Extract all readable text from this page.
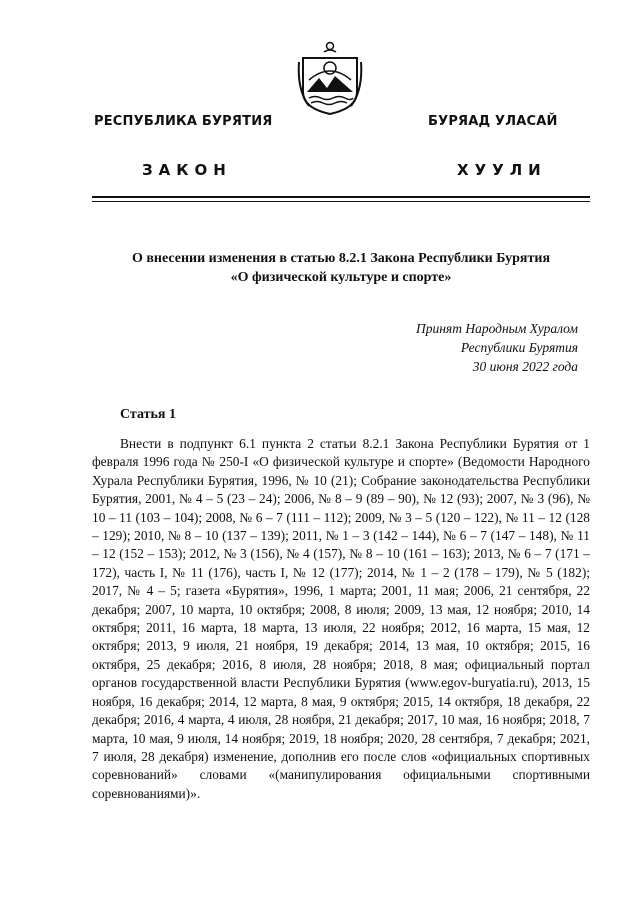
РЕСПУБЛИКА БУРЯТИЯ	БУРЯАД УЛАСАЙ
ЗАКОН	ХУУЛИ
О внесении изменения в статью 8.2.1 Закона Республики Бурятия
«О физической культуре и спорте»
Принят Народным Хуралом
Республики Бурятия
30 июня 2022 года
Статья 1

Внести в подпункт 6.1 пункта 2 статьи 8.2.1 Закона Республики Бурятия от 1 февраля 1996 года № 250-I «О физической культуре и спорте» (Ведомости Народного Хурала Республики Бурятия, 1996, № 10 (21); Собрание законодательства Республики Бурятия, 2001, № 4 – 5 (23 – 24); 2006, № 8 – 9 (89 – 90), № 12 (93); 2007, № 3 (96), № 10 – 11 (103 – 104); 2008, № 6 – 7 (111 – 112); 2009, № 3 – 5 (120 – 122), № 11 – 12 (128 – 129); 2010, № 8 – 10 (137 – 139); 2011, № 1 – 3 (142 – 144), № 6 – 7 (147 – 148), № 11 – 12 (152 – 153); 2012, № 3 (156), № 4 (157), № 8 – 10 (161 – 163); 2013, № 6 – 7 (171 – 172), часть I, № 11 (176), часть I, № 12 (177); 2014, № 1 – 2 (178 – 179), № 5 (182); 2017, № 4 – 5; газета «Бурятия», 1996, 1 марта; 2001, 11 мая; 2006, 21 сентября, 22 декабря; 2007, 10 марта, 10 октября; 2008, 8 июля; 2009, 13 мая, 12 ноября; 2010, 14 октября; 2011, 16 марта, 18 марта, 13 июля, 22 ноября; 2012, 16 марта, 15 мая, 12 октября; 2013, 9 июля, 21 ноября, 19 декабря; 2014, 13 мая, 10 октября; 2015, 16 октября, 25 декабря; 2016, 8 июля, 28 ноября; 2018, 8 мая; официальный портал органов государственной власти Республики Бурятия (www.egov-buryatia.ru), 2013, 15 ноября, 16 декабря; 2014, 12 марта, 8 мая, 9 октября; 2015, 14 октября, 18 декабря, 22 декабря; 2016, 4 марта, 4 июля, 28 ноября, 21 декабря; 2017, 10 мая, 16 ноября; 2018, 7 марта, 10 мая, 9 июля, 14 ноября; 2019, 18 ноября; 2020, 28 сентября, 7 декабря; 2021, 7 июля, 28 декабря) изменение, дополнив его после слов «официальных спортивных соревнований» словами «(манипулирования официальными спортивными соревнованиями)».
